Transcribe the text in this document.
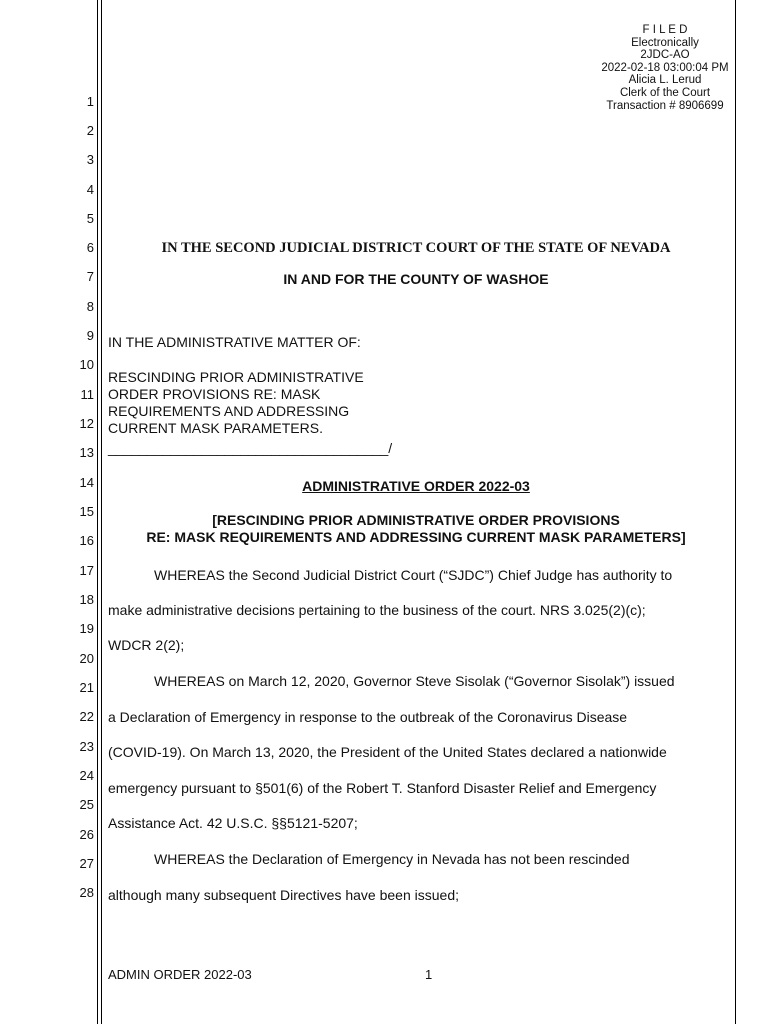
F I L E D
Electronically
2JDC-AO
2022-02-18 03:00:04 PM
Alicia L. Lerud
Clerk of the Court
Transaction # 8906699
1
2
3
4
5
6
7
8
9
10
11
12
13
14
15
16
17
18
19
20
21
22
23
24
25
26
27
28
IN THE SECOND JUDICIAL DISTRICT COURT OF THE STATE OF NEVADA
IN AND FOR THE COUNTY OF WASHOE
IN THE ADMINISTRATIVE MATTER OF:
RESCINDING PRIOR ADMINISTRATIVE
ORDER PROVISIONS RE: MASK
REQUIREMENTS AND ADDRESSING
CURRENT MASK PARAMETERS.
____________________________________/
ADMINISTRATIVE ORDER 2022-03
[RESCINDING PRIOR ADMINISTRATIVE ORDER PROVISIONS
RE: MASK REQUIREMENTS AND ADDRESSING CURRENT MASK PARAMETERS]
WHEREAS the Second Judicial District Court (“SJDC”) Chief Judge has authority to
make administrative decisions pertaining to the business of the court. NRS 3.025(2)(c);
WDCR 2(2);
WHEREAS on March 12, 2020, Governor Steve Sisolak (“Governor Sisolak”) issued
a Declaration of Emergency in response to the outbreak of the Coronavirus Disease
(COVID-19). On March 13, 2020, the President of the United States declared a nationwide
emergency pursuant to §501(6) of the Robert T. Stanford Disaster Relief and Emergency
Assistance Act. 42 U.S.C. §§5121-5207;
WHEREAS the Declaration of Emergency in Nevada has not been rescinded
although many subsequent Directives have been issued;
ADMIN ORDER 2022-03	1
